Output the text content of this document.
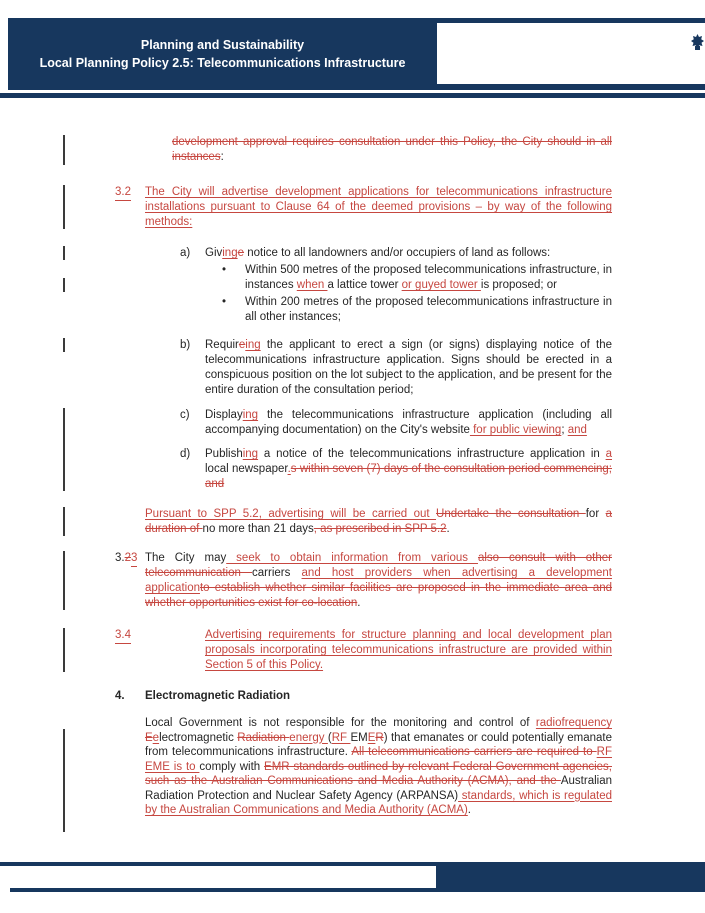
Planning and Sustainability
Local Planning Policy 2.5: Telecommunications Infrastructure
development approval requires consultation under this Policy, the City should in all instances:
3.2 The City will advertise development applications for telecommunications infrastructure installations pursuant to Clause 64 of the deemed provisions – by way of the following methods:
a) Givinge notice to all landowners and/or occupiers of land as follows:
• Within 500 metres of the proposed telecommunications infrastructure, in instances when a lattice tower or guyed tower is proposed; or
• Within 200 metres of the proposed telecommunications infrastructure in all other instances;
b) Requireing the applicant to erect a sign (or signs) displaying notice of the telecommunications infrastructure application. Signs should be erected in a conspicuous position on the lot subject to the application, and be present for the entire duration of the consultation period;
c) Displaying the telecommunications infrastructure application (including all accompanying documentation) on the City's website for public viewing; and
d) Publishing a notice of the telecommunications infrastructure application in a local newspaper.s within seven (7) days of the consultation period commencing; and
Pursuant to SPP 5.2, advertising will be carried out Undertake the consultation for a duration of no more than 21 days, as prescribed in SPP 5.2.
3.23 The City may seek to obtain information from various also consult with other telecommunication carriers and host providers when advertising a development applicationto establish whether similar facilities are proposed in the immediate area and whether opportunities exist for co-location.
3.4	Advertising requirements for structure planning and local development plan proposals incorporating telecommunications infrastructure are provided within Section 5 of this Policy.
4. Electromagnetic Radiation
Local Government is not responsible for the monitoring and control of radiofrequency Eelectromagnetic Radiation energy (RF EMER) that emanates or could potentially emanate from telecommunications infrastructure. All telecommunications carriers are required to RF EME is to comply with EMR standards outlined by relevant Federal Government agencies, such as the Australian Communications and Media Authority (ACMA), and the Australian Radiation Protection and Nuclear Safety Agency (ARPANSA) standards, which is regulated by the Australian Communications and Media Authority (ACMA).
